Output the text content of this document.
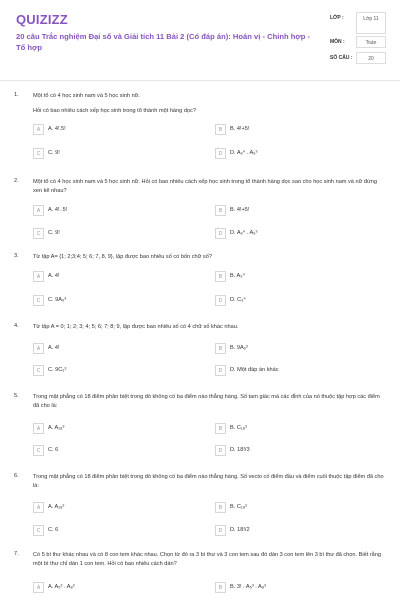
QUIZIZZ
20 câu Trắc nghiệm Đại số và Giải tích 11 Bài 2 (Có đáp án): Hoán vị - Chỉnh hợp - Tổ hợp
LỚP :	Lớp 11
MÔN :	Toán
SỐ CÂU :	20
1.	Một tổ có 4 học sinh nam và 5 học sinh nữ.

Hỏi có bao nhiêu cách xếp học sinh trong tổ thành một hàng dọc?

A	A. 4!.5!	B	B. 4!+5!
C	C. 9!	D	D. A₉⁴ . A₉⁵
2.	Một tổ có 4 học sinh nam và 5 học sinh nữ. Hỏi có bao nhiêu cách xếp học sinh trong tổ thành hàng dọc sao cho học sinh nam và nữ đứng xen kẽ nhau?

A	A. 4!. 5!	B	B. 4!+5!
C	C. 9!	D	D. A₉⁴ . A₉⁵
3.	Từ tập A= {1; 2;3;4; 5; 6; 7, 8, 9}, lập được bao nhiêu số có bốn chữ số?

A	A. 4!	B	B. A₉⁴
C	C. 9A₉³	D	D. C₉⁴
4.	Từ tập A = 0; 1; 2; 3; 4; 5; 6; 7; 8; 9, lập được bao nhiêu số có 4 chữ số khác nhau.

A	A. 4!	B	B. 9A₉³
C	C. 9C₉³	D	D. Một đáp án khác
5.	Trong mặt phẳng có 18 điểm phân biệt trong đó không có ba điểm nào thẳng hàng. Số tam giác mà các đỉnh của nó thuộc tập hợp các điểm đã cho là:

A	A. A₁₈³	B	B. C₁₈³
C	C. 6	D	D. 18!/3
6.	Trong mặt phẳng có 18 điểm phân biệt trong đó không có ba điểm nào thẳng hàng. Số vecto có điểm đầu và điểm cuối thuộc tập điểm đã cho là:

A	A. A₁₈²	B	B. C₁₈²
C	C. 6	D	D. 18!/2
7.	Có 5 bì thư khác nhau và có 8 con tem khác nhau. Chọn từ đó ra 3 bì thư và 3 con tem sau đó dán 3 con tem lên 3 bì thư đã chọn. Biết rằng một bì thư chỉ dán 1 con tem. Hỏi có bao nhiêu cách dán?

A	A. A₅³ . A₈³	B	B. 3! . A₅³ . A₈³
